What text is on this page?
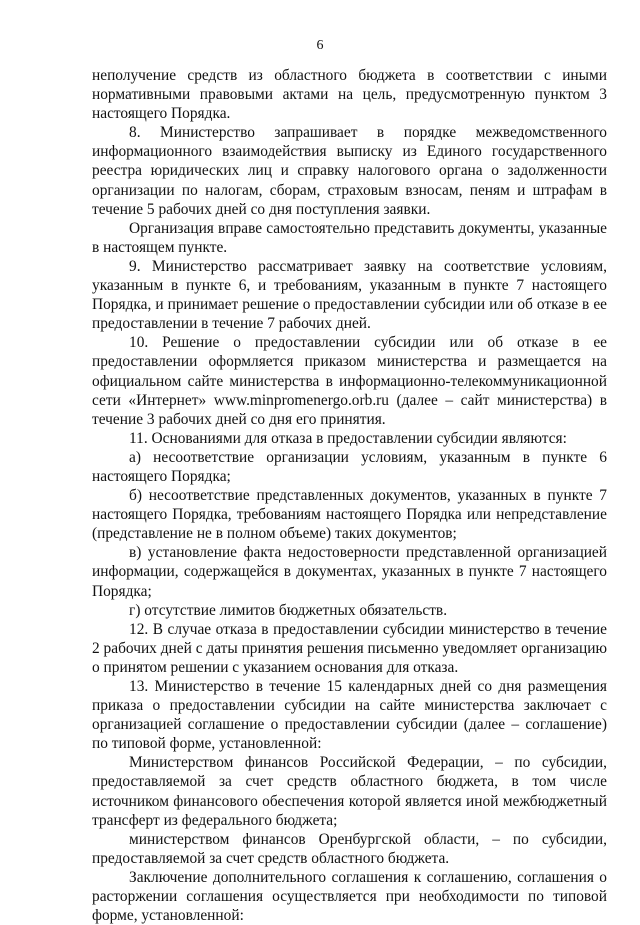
6

неполучение средств из областного бюджета в соответствии с иными нормативными правовыми актами на цель, предусмотренную пунктом 3 настоящего Порядка.

8. Министерство запрашивает в порядке межведомственного информационного взаимодействия выписку из Единого государственного реестра юридических лиц и справку налогового органа о задолженности организации по налогам, сборам, страховым взносам, пеням и штрафам в течение 5 рабочих дней со дня поступления заявки.

Организация вправе самостоятельно представить документы, указанные в настоящем пункте.

9. Министерство рассматривает заявку на соответствие условиям, указанным в пункте 6, и требованиям, указанным в пункте 7 настоящего Порядка, и принимает решение о предоставлении субсидии или об отказе в ее предоставлении в течение 7 рабочих дней.

10. Решение о предоставлении субсидии или об отказе в ее предоставлении оформляется приказом министерства и размещается на официальном сайте министерства в информационно-телекоммуникационной сети «Интернет» www.minpromenergo.orb.ru (далее – сайт министерства) в течение 3 рабочих дней со дня его принятия.

11. Основаниями для отказа в предоставлении субсидии являются:

а) несоответствие организации условиям, указанным в пункте 6 настоящего Порядка;

б) несоответствие представленных документов, указанных в пункте 7 настоящего Порядка, требованиям настоящего Порядка или непредставление (представление не в полном объеме) таких документов;

в) установление факта недостоверности представленной организацией информации, содержащейся в документах, указанных в пункте 7 настоящего Порядка;

г) отсутствие лимитов бюджетных обязательств.

12. В случае отказа в предоставлении субсидии министерство в течение 2 рабочих дней с даты принятия решения письменно уведомляет организацию о принятом решении с указанием основания для отказа.

13. Министерство в течение 15 календарных дней со дня размещения приказа о предоставлении субсидии на сайте министерства заключает с организацией соглашение о предоставлении субсидии (далее – соглашение) по типовой форме, установленной:

Министерством финансов Российской Федерации, – по субсидии, предоставляемой за счет средств областного бюджета, в том числе источником финансового обеспечения которой является иной межбюджетный трансферт из федерального бюджета;

министерством финансов Оренбургской области, – по субсидии, предоставляемой за счет средств областного бюджета.

Заключение дополнительного соглашения к соглашению, соглашения о расторжении соглашения осуществляется при необходимости по типовой форме, установленной:
